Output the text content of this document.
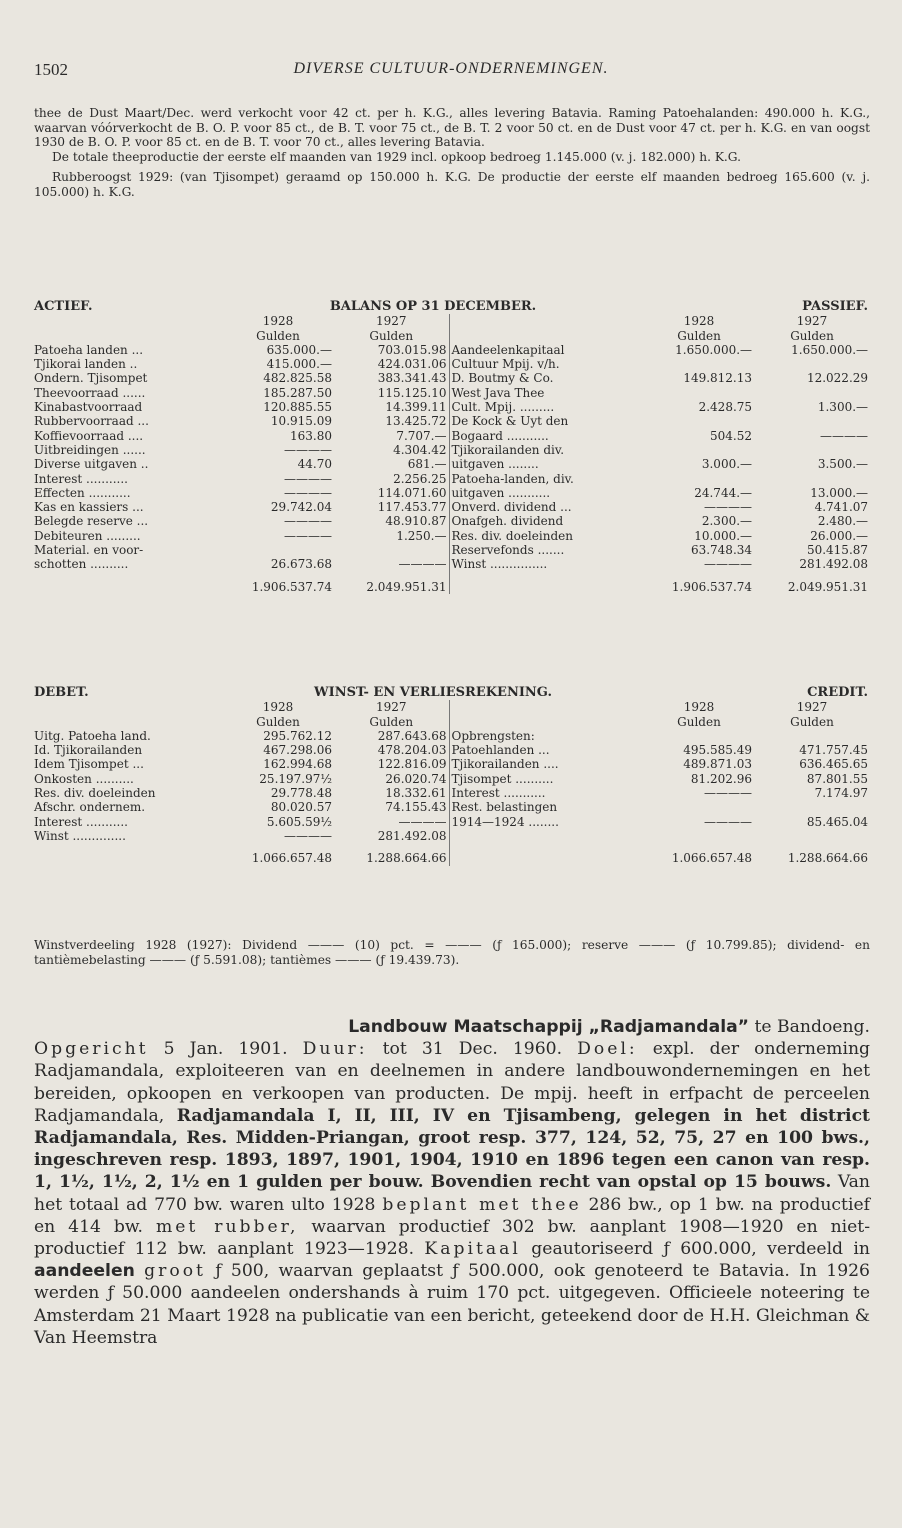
1502	DIVERSE CULTUUR-ONDERNEMINGEN.

thee de Dust Maart/Dec. werd verkocht voor 42 ct. per h. K.G., alles levering Batavia. Raming Patoehalanden: 490.000 h. K.G., waarvan vóórverkocht de B. O. P. voor 85 ct., de B. T. voor 75 ct., de B. T. 2 voor 50 ct. en de Dust voor 47 ct. per h. K.G. en van oogst 1930 de B. O. P. voor 85 ct. en de B. T. voor 70 ct., alles levering Batavia.

De totale theeproductie der eerste elf maanden van 1929 incl. opkoop bedroeg 1.145.000 (v. j. 182.000) h. K.G.

Rubberoogst 1929: (van Tjisompet) geraamd op 150.000 h. K.G. De productie der eerste elf maanden bedroeg 165.600 (v. j. 105.000) h. K.G.

ACTIEF.	BALANS OP 31 DECEMBER.				PASSIEF.
	1928	1927		1928	1927
	Gulden	Gulden		Gulden	Gulden
Patoeha landen ...	635.000.—	703.015.98	Aandeelenkapitaal	1.650.000.—	1.650.000.—
Tjikorai landen ..	415.000.—	424.031.06	Cultuur Mpij. v/h.		
Ondern. Tjisompet	482.825.58	383.341.43	D. Boutmy & Co.	149.812.13	12.022.29
Theevoorraad ......	185.287.50	115.125.10	West Java Thee		
Kinabastvoorraad	120.885.55	14.399.11	Cult. Mpij. .........	2.428.75	1.300.—
Rubbervoorraad ...	10.915.09	13.425.72	De Kock & Uyt den		
Koffievoorraad ....	163.80	7.707.—	Bogaard ...........	504.52	————
Uitbreidingen ......	————	4.304.42	Tjikorailanden div.		
Diverse uitgaven ..	44.70	681.—	uitgaven ........	3.000.—	3.500.—
Interest ...........	————	2.256.25	Patoeha-landen, div.		
Effecten ...........	————	114.071.60	uitgaven ...........	24.744.—	13.000.—
Kas en kassiers ...	29.742.04	117.453.77	Onverd. dividend ...	————	4.741.07
Belegde reserve ...	————	48.910.87	Onafgeh. dividend	2.300.—	2.480.—
Debiteuren .........	————	1.250.—	Res. div. doeleinden	10.000.—	26.000.—
Material. en voor-			Reservefonds .......	63.748.34	50.415.87
schotten ..........	26.673.68	————	Winst ...............	————	281.492.08
	1.906.537.74	2.049.951.31		1.906.537.74	2.049.951.31
DEBET.	WINST- EN VERLIESREKENING.				CREDIT.
	1928	1927		1928	1927
	Gulden	Gulden		Gulden	Gulden
Uitg. Patoeha land.	295.762.12	287.643.68	Opbrengsten:		
Id. Tjikorailanden	467.298.06	478.204.03	Patoehlanden ...	495.585.49	471.757.45
Idem Tjisompet ...	162.994.68	122.816.09	Tjikorailanden ....	489.871.03	636.465.65
Onkosten ..........	25.197.97½	26.020.74	Tjisompet ..........	81.202.96	87.801.55
Res. div. doeleinden	29.778.48	18.332.61	Interest ...........	————	7.174.97
Afschr. ondernem.	80.020.57	74.155.43	Rest. belastingen		
Interest ...........	5.605.59½	————	1914—1924 ........	————	85.465.04
Winst ..............	————	281.492.08			
	1.066.657.48	1.288.664.66		1.066.657.48	1.288.664.66

Winstverdeeling 1928 (1927): Dividend ——— (10) pct. = ——— (ƒ 165.000); reserve ——— (ƒ 10.799.85); dividend- en tantièmebelasting ——— (ƒ 5.591.08); tantièmes ——— (ƒ 19.439.73).

Landbouw Maatschappij „Radjamandala” te Bandoeng.

Opgericht 5 Jan. 1901. Duur: tot 31 Dec. 1960. Doel: expl. der onderneming Radjamandala, exploiteeren van en deelnemen in andere landbouwondernemingen en het bereiden, opkoopen en verkoopen van producten. De mpij. heeft in erfpacht de perceelen Radjamandala, Radjamandala I, II, III, IV en Tjisambeng, gelegen in het district Radjamandala, Res. Midden-Priangan, groot resp. 377, 124, 52, 75, 27 en 100 bws., ingeschreven resp. 1893, 1897, 1901, 1904, 1910 en 1896 tegen een canon van resp. 1, 1½, 1½, 2, 1½ en 1 gulden per bouw. Bovendien recht van opstal op 15 bouws. Van het totaal ad 770 bw. waren ulto 1928 beplant met thee 286 bw., op 1 bw. na productief en 414 bw. met rubber, waarvan productief 302 bw. aanplant 1908—1920 en niet-productief 112 bw. aanplant 1923—1928. Kapitaal geautoriseerd ƒ 600.000, verdeeld in aandeelen groot ƒ 500, waarvan geplaatst ƒ 500.000, ook genoteerd te Batavia. In 1926 werden ƒ 50.000 aandeelen ondershands à ruim 170 pct. uitgegeven. Officieele noteering te Amsterdam 21 Maart 1928 na publicatie van een bericht, geteekend door de H.H. Gleichman & Van Heemstra
